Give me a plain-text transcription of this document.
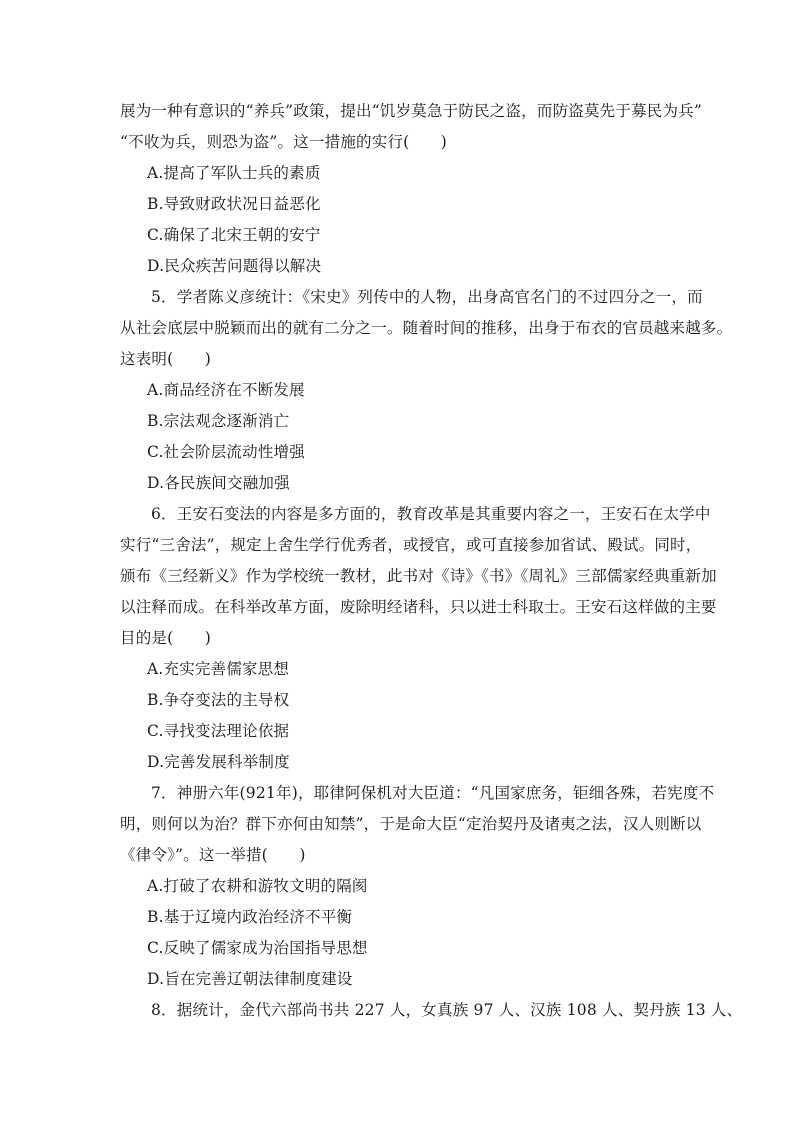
展为一种有意识的“养兵”政策，提出“饥岁莫急于防民之盗，而防盗莫先于募民为兵”
“不收为兵，则恐为盗”。这一措施的实行(　　)
A.提高了军队士兵的素质
B.导致财政状况日益恶化
C.确保了北宋王朝的安宁
D.民众疾苦问题得以解决
5．学者陈义彦统计：《宋史》列传中的人物，出身高官名门的不过四分之一，而
从社会底层中脱颖而出的就有二分之一。随着时间的推移，出身于布衣的官员越来越多。
这表明(　　)
A.商品经济在不断发展
B.宗法观念逐渐消亡
C.社会阶层流动性增强
D.各民族间交融加强
6．王安石变法的内容是多方面的，教育改革是其重要内容之一，王安石在太学中
实行“三舍法”，规定上舍生学行优秀者，或授官，或可直接参加省试、殿试。同时，
颁布《三经新义》作为学校统一教材，此书对《诗》《书》《周礼》三部儒家经典重新加
以注释而成。在科举改革方面，废除明经诸科，只以进士科取士。王安石这样做的主要
目的是(　　)
A.充实完善儒家思想
B.争夺变法的主导权
C.寻找变法理论依据
D.完善发展科举制度
7．神册六年(921年)，耶律阿保机对大臣道：“凡国家庶务，钜细各殊，若宪度不
明，则何以为治？群下亦何由知禁”，于是命大臣“定治契丹及诸夷之法，汉人则断以
《律令》”。这一举措(　　)
A.打破了农耕和游牧文明的隔阂
B.基于辽境内政治经济不平衡
C.反映了儒家成为治国指导思想
D.旨在完善辽朝法律制度建设
8．据统计，金代六部尚书共 227 人，女真族 97 人、汉族 108 人、契丹族 13 人、
